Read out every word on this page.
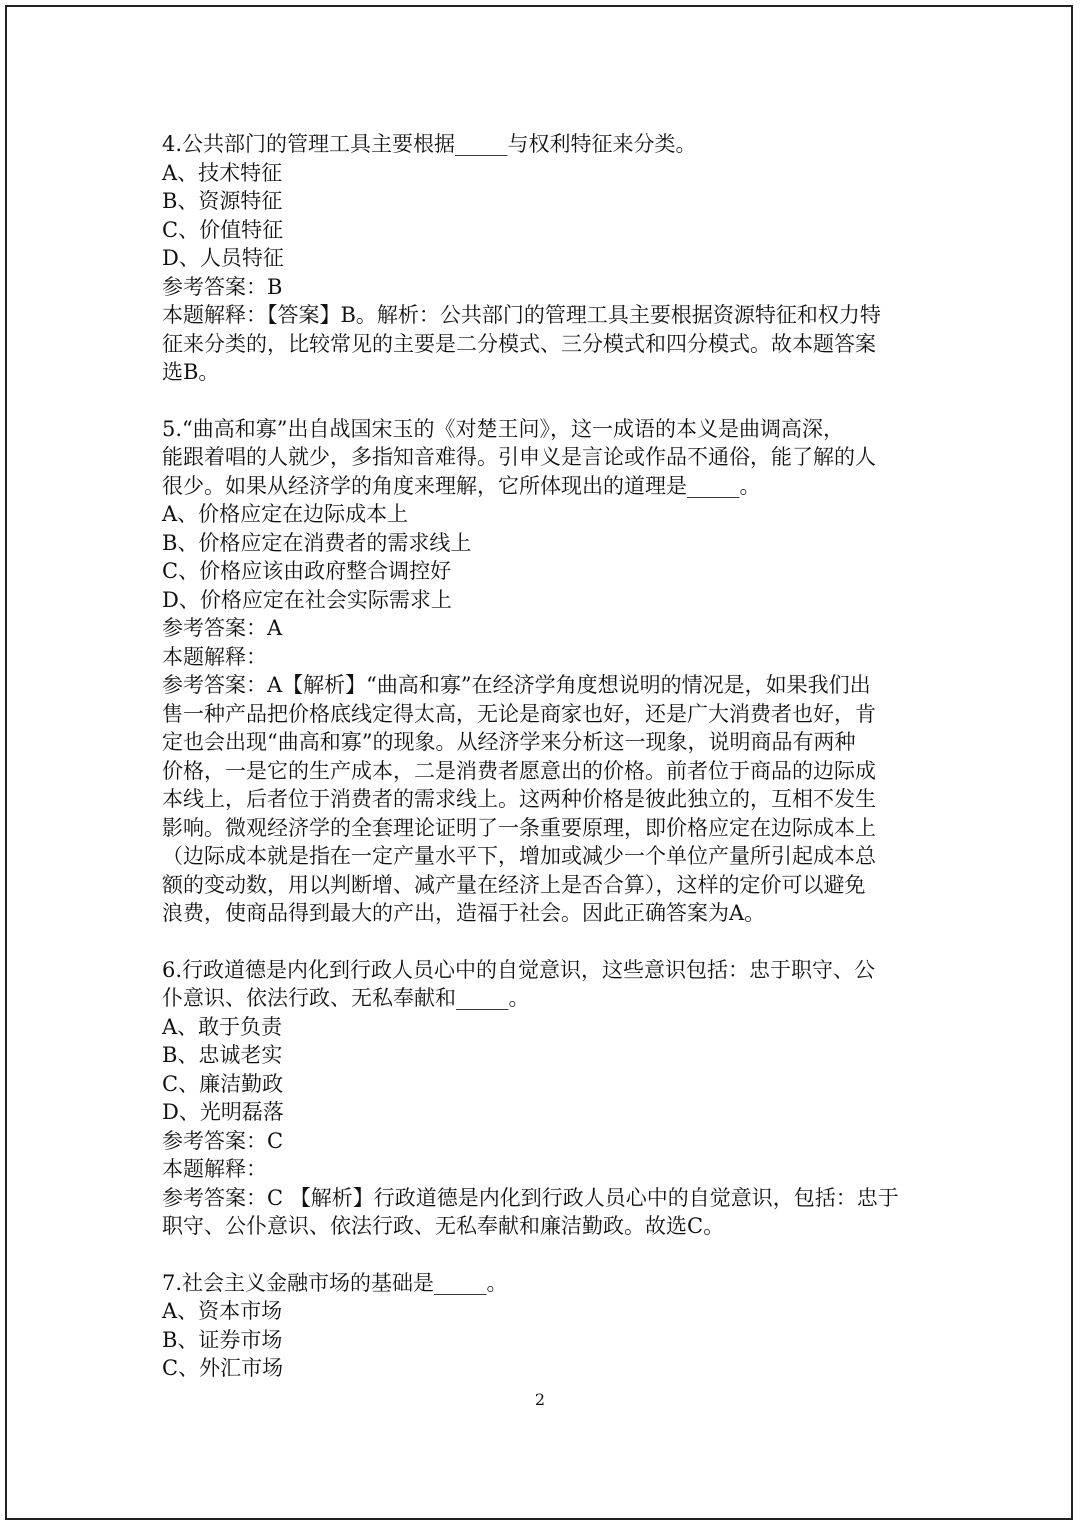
4.公共部门的管理工具主要根据_____与权利特征来分类。
A、技术特征
B、资源特征
C、价值特征
D、人员特征
参考答案：B
本题解释：【答案】B。解析：公共部门的管理工具主要根据资源特征和权力特
征来分类的，比较常见的主要是二分模式、三分模式和四分模式。故本题答案
选B。
5.“曲高和寡”出自战国宋玉的《对楚王问》，这一成语的本义是曲调高深，
能跟着唱的人就少，多指知音难得。引申义是言论或作品不通俗，能了解的人
很少。如果从经济学的角度来理解，它所体现出的道理是_____。
A、价格应定在边际成本上
B、价格应定在消费者的需求线上
C、价格应该由政府整合调控好
D、价格应定在社会实际需求上
参考答案：A
本题解释：
参考答案：A【解析】“曲高和寡”在经济学角度想说明的情况是，如果我们出
售一种产品把价格底线定得太高，无论是商家也好，还是广大消费者也好，肯
定也会出现“曲高和寡”的现象。从经济学来分析这一现象，说明商品有两种
价格，一是它的生产成本，二是消费者愿意出的价格。前者位于商品的边际成
本线上，后者位于消费者的需求线上。这两种价格是彼此独立的，互相不发生
影响。微观经济学的全套理论证明了一条重要原理，即价格应定在边际成本上
（边际成本就是指在一定产量水平下，增加或减少一个单位产量所引起成本总
额的变动数，用以判断增、减产量在经济上是否合算），这样的定价可以避免
浪费，使商品得到最大的产出，造福于社会。因此正确答案为A。
6.行政道德是内化到行政人员心中的自觉意识，这些意识包括：忠于职守、公
仆意识、依法行政、无私奉献和_____。
A、敢于负责
B、忠诚老实
C、廉洁勤政
D、光明磊落
参考答案：C
本题解释：
参考答案：C 【解析】行政道德是内化到行政人员心中的自觉意识，包括：忠于
职守、公仆意识、依法行政、无私奉献和廉洁勤政。故选C。
7.社会主义金融市场的基础是_____。
A、资本市场
B、证券市场
C、外汇市场
2
